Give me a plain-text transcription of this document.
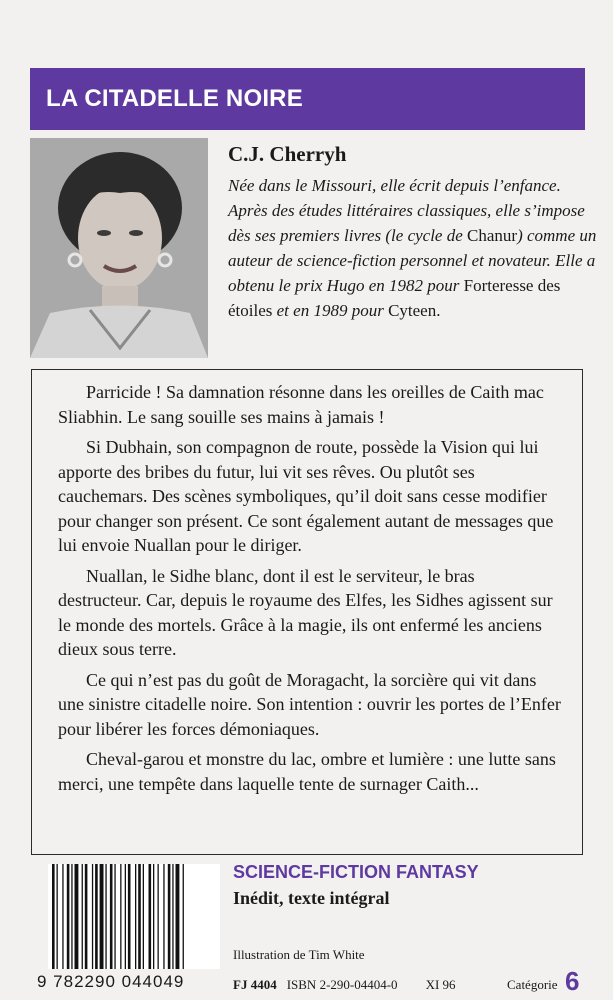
LA CITADELLE NOIRE
C.J. Cherryh

Née dans le Missouri, elle écrit depuis l’enfance. Après des études littéraires classiques, elle s’impose dès ses premiers livres (le cycle de Chanur) comme un auteur de science-fiction personnel et novateur. Elle a obtenu le prix Hugo en 1982 pour Forteresse des étoiles et en 1989 pour Cyteen.

Parricide ! Sa damnation résonne dans les oreilles de Caith mac Sliabhin. Le sang souille ses mains à jamais !

Si Dubhain, son compagnon de route, possède la Vision qui lui apporte des bribes du futur, lui vit ses rêves. Ou plutôt ses cauchemars. Des scènes symboliques, qu’il doit sans cesse modifier pour changer son présent. Ce sont également autant de messages que lui envoie Nuallan pour le diriger.

Nuallan, le Sidhe blanc, dont il est le serviteur, le bras destructeur. Car, depuis le royaume des Elfes, les Sidhes agissent sur le monde des mortels. Grâce à la magie, ils ont enfermé les anciens dieux sous terre.

Ce qui n’est pas du goût de Moragacht, la sorcière qui vit dans une sinistre citadelle noire. Son intention : ouvrir les portes de l’Enfer pour libérer les forces démoniaques.

Cheval-garou et monstre du lac, ombre et lumière : une lutte sans merci, une tempête dans laquelle tente de surnager Caith...

9 782290 044049
SCIENCE-FICTION FANTASY
Inédit, texte intégral
Illustration de Tim White
FJ 4404 ISBN 2-290-04404-0 XI 96	Catégorie 6
